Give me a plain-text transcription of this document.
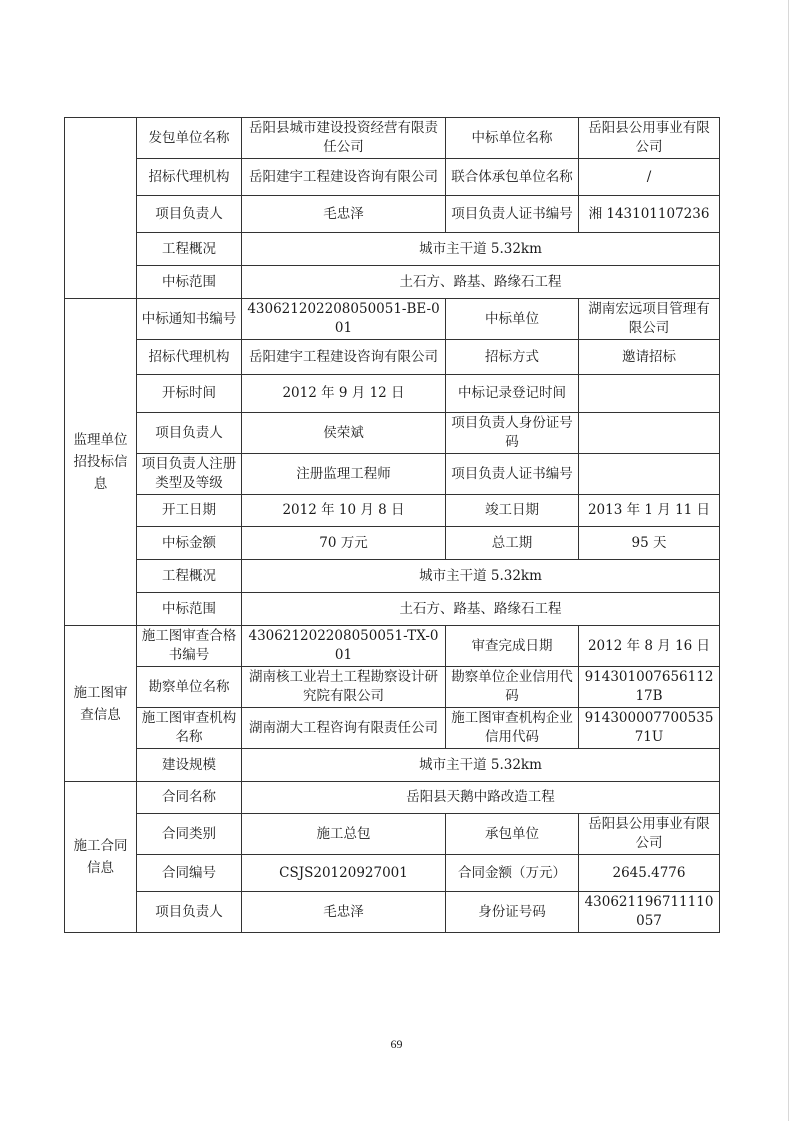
	发包单位名称	岳阳县城市建设投资经营有限责任公司	中标单位名称	岳阳县公用事业有限公司
	招标代理机构	岳阳建宇工程建设咨询有限公司	联合体承包单位名称	/
	项目负责人	毛忠泽	项目负责人证书编号	湘 143101107236
	工程概况	城市主干道 5.32km		
	中标范围	土石方、路基、路缘石工程		
监理单位招投标信息	中标通知书编号	430621202208050051-BE-001	中标单位	湖南宏远项目管理有限公司
	招标代理机构	岳阳建宇工程建设咨询有限公司	招标方式	邀请招标
	开标时间	2012 年 9 月 12 日	中标记录登记时间	
	项目负责人	侯荣斌	项目负责人身份证号码	
	项目负责人注册类型及等级	注册监理工程师	项目负责人证书编号	
	开工日期	2012 年 10 月 8 日	竣工日期	2013 年 1 月 11 日
	中标金额	70 万元	总工期	95 天
	工程概况	城市主干道 5.32km		
	中标范围	土石方、路基、路缘石工程		
施工图审查信息	施工图审查合格书编号	430621202208050051-TX-001	审查完成日期	2012 年 8 月 16 日
	勘察单位名称	湖南核工业岩土工程勘察设计研究院有限公司	勘察单位企业信用代码	91430100765611217B
	施工图审查机构名称	湖南湖大工程咨询有限责任公司	施工图审查机构企业信用代码	91430000770053571U
	建设规模	城市主干道 5.32km		
施工合同信息	合同名称	岳阳县天鹅中路改造工程		
	合同类别	施工总包	承包单位	岳阳县公用事业有限公司
	合同编号	CSJS20120927001	合同金额（万元）	2645.4776
	项目负责人	毛忠泽	身份证号码	430621196711110057
69
